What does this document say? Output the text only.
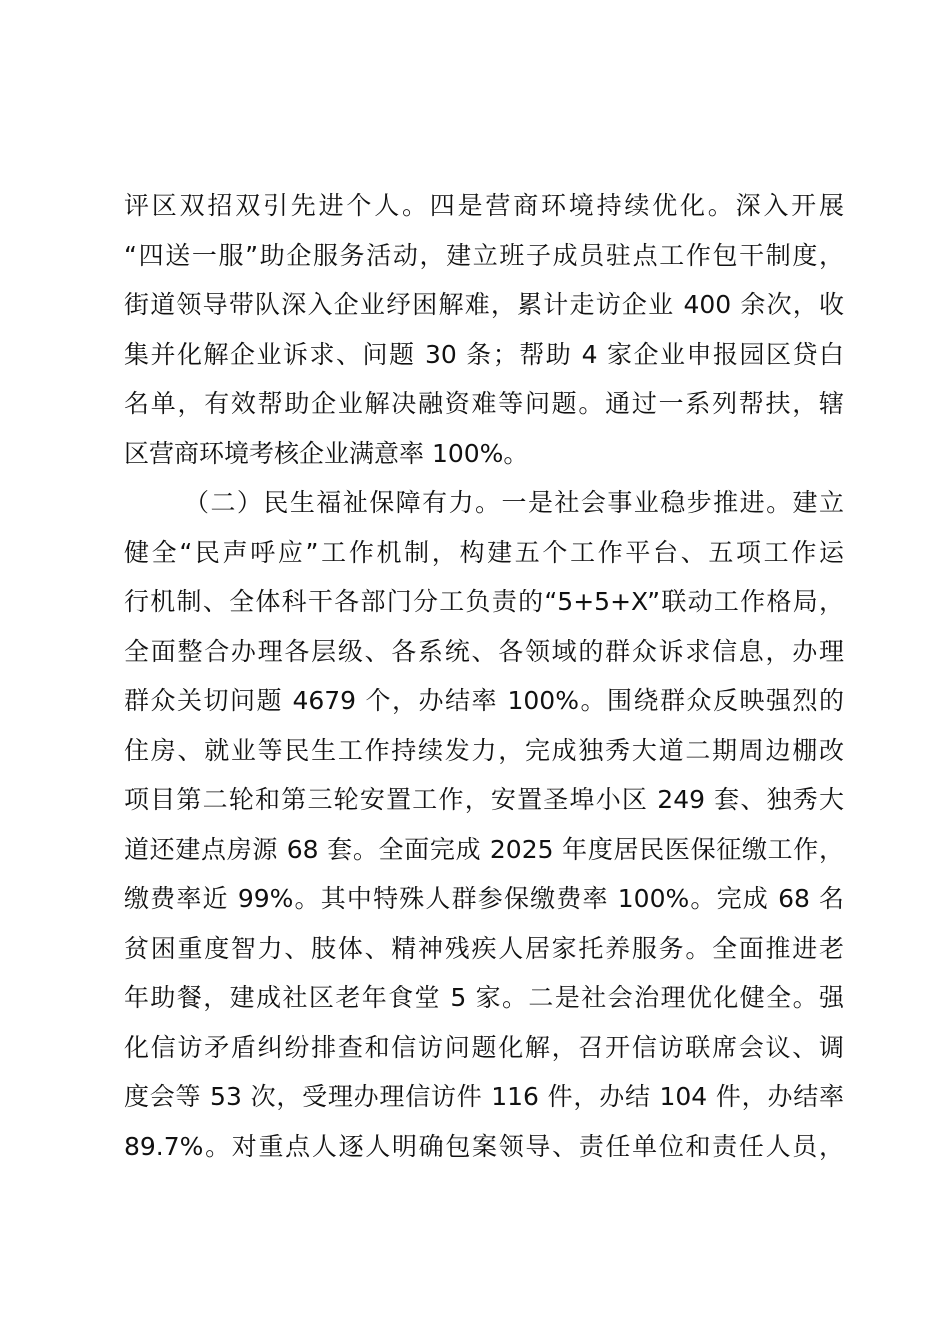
评区双招双引先进个人。四是营商环境持续优化。深入开展
“四送一服”助企服务活动，建立班子成员驻点工作包干制度，
街道领导带队深入企业纾困解难，累计走访企业 400 余次，收
集并化解企业诉求、问题 30 条；帮助 4 家企业申报园区贷白
名单，有效帮助企业解决融资难等问题。通过一系列帮扶，辖
区营商环境考核企业满意率 100%。
（二）民生福祉保障有力。一是社会事业稳步推进。建立
健全“民声呼应”工作机制，构建五个工作平台、五项工作运
行机制、全体科干各部门分工负责的“5+5+X”联动工作格局，
全面整合办理各层级、各系统、各领域的群众诉求信息，办理
群众关切问题 4679 个，办结率 100%。围绕群众反映强烈的
住房、就业等民生工作持续发力，完成独秀大道二期周边棚改
项目第二轮和第三轮安置工作，安置圣埠小区 249 套、独秀大
道还建点房源 68 套。全面完成 2025 年度居民医保征缴工作，
缴费率近 99%。其中特殊人群参保缴费率 100%。完成 68 名
贫困重度智力、肢体、精神残疾人居家托养服务。全面推进老
年助餐，建成社区老年食堂 5 家。二是社会治理优化健全。强
化信访矛盾纠纷排查和信访问题化解，召开信访联席会议、调
度会等 53 次，受理办理信访件 116 件，办结 104 件，办结率
89.7%。对重点人逐人明确包案领导、责任单位和责任人员，
